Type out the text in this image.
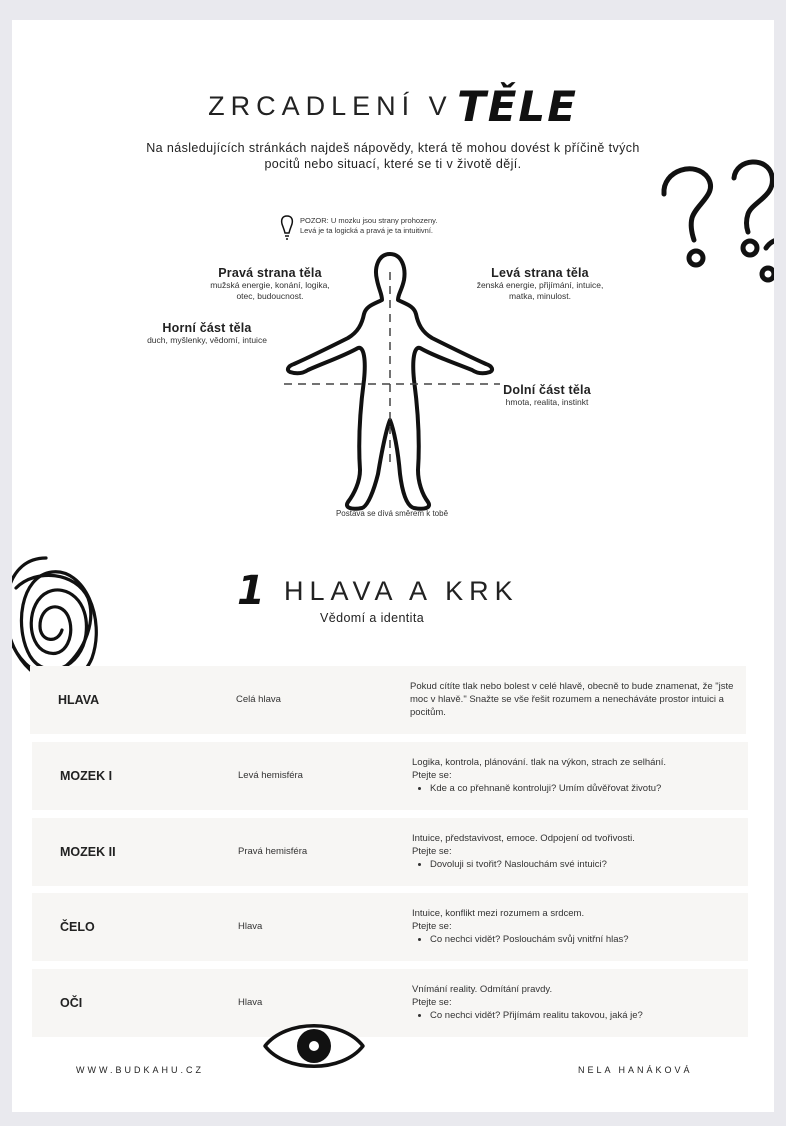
ZRCADLENÍ V TĚLE
Na následujících stránkách najdeš nápovědy, která tě mohou dovést k příčině tvých pocitů nebo situací, které se ti v životě dějí.
POZOR: U mozku jsou strany prohozeny.
Levá je ta logická a pravá je ta intuitivní.
Pravá strana těla
mužská energie, konání, logika,
otec, budoucnost.
Levá strana těla
ženská energie, přijímání, intuice,
matka, minulost.
Horní část těla
duch, myšlenky, vědomí, intuice
Dolní část těla
hmota, realita, instinkt
Postava se dívá směrem k tobě
1 HLAVA A KRK
Vědomí a identita
HLAVA	Celá hlava
Pokud cítíte tlak nebo bolest v celé hlavě, obecně to bude znamenat, že "jste moc v hlavě." Snažte se vše řešit rozumem a nenecháváte prostor intuici a pocitům.
MOZEK I	Levá hemisféra
Logika, kontrola, plánování. tlak na výkon, strach ze selhání.
Ptejte se:
• Kde a co přehnaně kontroluji? Umím důvěřovat životu?
MOZEK II	Pravá hemisféra
Intuice, představivost, emoce. Odpojení od tvořivosti.
Ptejte se:
• Dovoluji si tvořit? Naslouchám své intuici?
ČELO	Hlava
Intuice, konflikt mezi rozumem a srdcem.
Ptejte se:
• Co nechci vidět? Poslouchám svůj vnitřní hlas?
OČI	Hlava
Vnímání reality. Odmítání pravdy.
Ptejte se:
• Co nechci vidět? Přijímám realitu takovou, jaká je?
WWW.BUDKAHU.CZ	NELA HANÁKOVÁ
